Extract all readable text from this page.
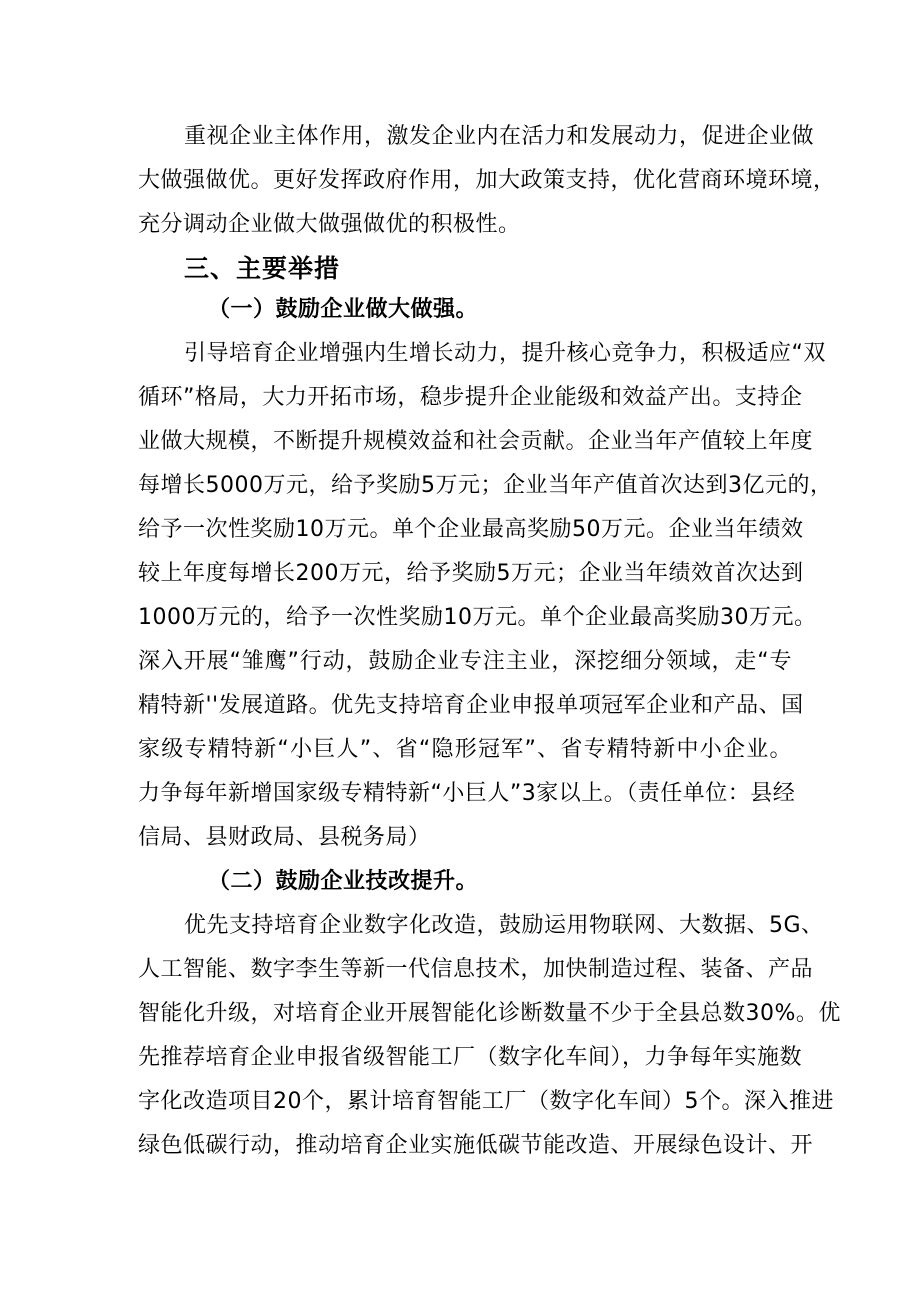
重视企业主体作用，激发企业内在活力和发展动力，促进企业做
大做强做优。更好发挥政府作用，加大政策支持，优化营商环境环境，
充分调动企业做大做强做优的积极性。
三、主要举措
（一）鼓励企业做大做强。
引导培育企业增强内生增长动力，提升核心竞争力，积极适应“双
循环”格局，大力开拓市场，稳步提升企业能级和效益产出。支持企
业做大规模，不断提升规模效益和社会贡献。企业当年产值较上年度
每增长5000万元，给予奖励5万元；企业当年产值首次达到3亿元的，
给予一次性奖励10万元。单个企业最高奖励50万元。企业当年绩效
较上年度每增长200万元，给予奖励5万元；企业当年绩效首次达到
1000万元的，给予一次性奖励10万元。单个企业最高奖励30万元。
深入开展“雏鹰”行动，鼓励企业专注主业，深挖细分领域，走“专
精特新''发展道路。优先支持培育企业申报单项冠军企业和产品、国
家级专精特新“小巨人”、省“隐形冠军”、省专精特新中小企业。
力争每年新增国家级专精特新“小巨人”3家以上。（责任单位：县经
信局、县财政局、县税务局）
（二）鼓励企业技改提升。
优先支持培育企业数字化改造，鼓励运用物联网、大数据、5G、
人工智能、数字李生等新一代信息技术，加快制造过程、装备、产品
智能化升级，对培育企业开展智能化诊断数量不少于全县总数30%。优
先推荐培育企业申报省级智能工厂（数字化车间），力争每年实施数
字化改造项目20个，累计培育智能工厂（数字化车间）5个。深入推进
绿色低碳行动，推动培育企业实施低碳节能改造、开展绿色设计、开
